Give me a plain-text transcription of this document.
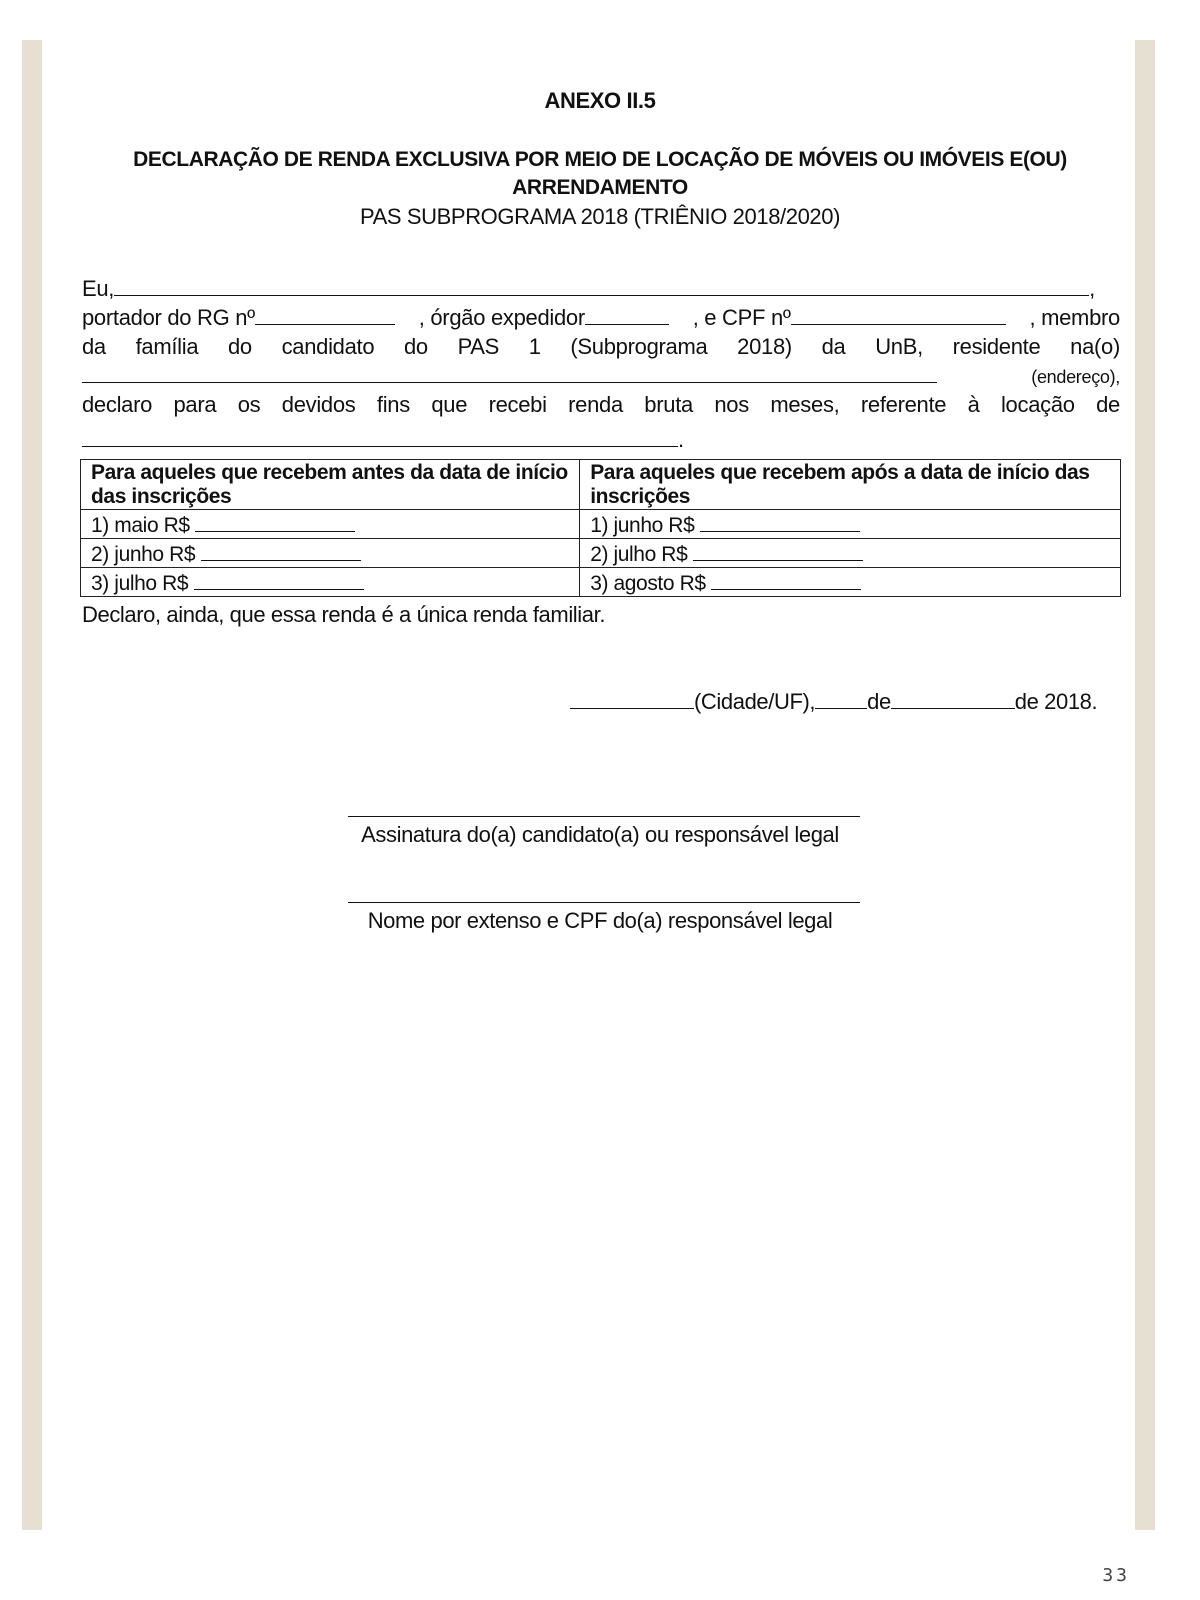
ANEXO II.5
DECLARAÇÃO DE RENDA EXCLUSIVA POR MEIO DE LOCAÇÃO DE MÓVEIS OU IMÓVEIS E(OU)
ARRENDAMENTO
PAS SUBPROGRAMA 2018 (TRIÊNIO 2018/2020)
Eu,	,
portador do RG nº	, órgão expedidor	, e CPF nº	, membro
da família do candidato do PAS 1 (Subprograma 2018) da UnB, residente na(o)
(endereço),
declaro para os devidos fins que recebi renda bruta nos meses, referente à locação de
.
Para aqueles que recebem antes da data de início das inscrições	Para aqueles que recebem após a data de início das inscrições
1) maio R$	1) junho R$
2) junho R$	2) julho R$
3) julho R$	3) agosto R$
Declaro, ainda, que essa renda é a única renda familiar.
(Cidade/UF), de	de 2018.
Assinatura do(a) candidato(a) ou responsável legal
Nome por extenso e CPF do(a) responsável legal
33
